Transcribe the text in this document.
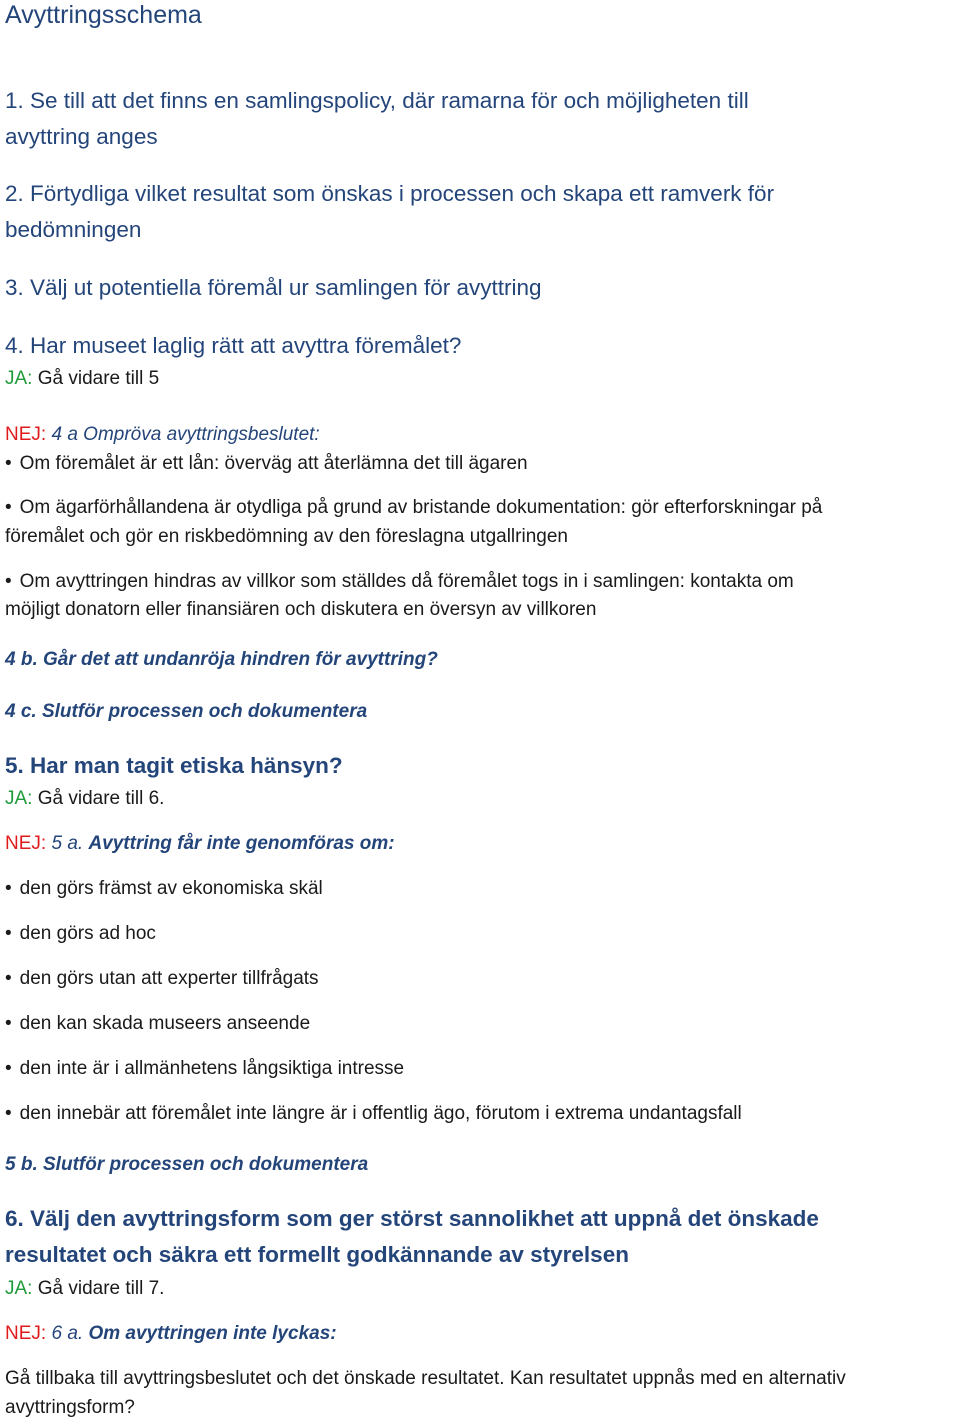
Avyttringsschema
1. Se till att det finns en samlingspolicy, där ramarna för och möjligheten till
avyttring anges
2. Förtydliga vilket resultat som önskas i processen och skapa ett ramverk för
bedömningen
3. Välj ut potentiella föremål ur samlingen för avyttring
4. Har museet laglig rätt att avyttra föremålet?
JA: Gå vidare till 5
NEJ: 4 a Ompröva avyttringsbeslutet:
• Om föremålet är ett lån: överväg att återlämna det till ägaren
• Om ägarförhållandena är otydliga på grund av bristande dokumentation: gör efterforskningar på
föremålet och gör en riskbedömning av den föreslagna utgallringen
• Om avyttringen hindras av villkor som ställdes då föremålet togs in i samlingen: kontakta om
möjligt donatorn eller finansiären och diskutera en översyn av villkoren
4 b. Går det att undanröja hindren för avyttring?
4 c. Slutför processen och dokumentera
5. Har man tagit etiska hänsyn?
JA: Gå vidare till 6.
NEJ: 5 a. Avyttring får inte genomföras om:
• den görs främst av ekonomiska skäl
• den görs ad hoc
• den görs utan att experter tillfrågats
• den kan skada museers anseende
• den inte är i allmänhetens långsiktiga intresse
• den innebär att föremålet inte längre är i offentlig ägo, förutom i extrema undantagsfall
5 b. Slutför processen och dokumentera
6. Välj den avyttringsform som ger störst sannolikhet att uppnå det önskade
resultatet och säkra ett formellt godkännande av styrelsen
JA: Gå vidare till 7.
NEJ: 6 a. Om avyttringen inte lyckas:
Gå tillbaka till avyttringsbeslutet och det önskade resultatet. Kan resultatet uppnås med en alternativ
avyttringsform?
